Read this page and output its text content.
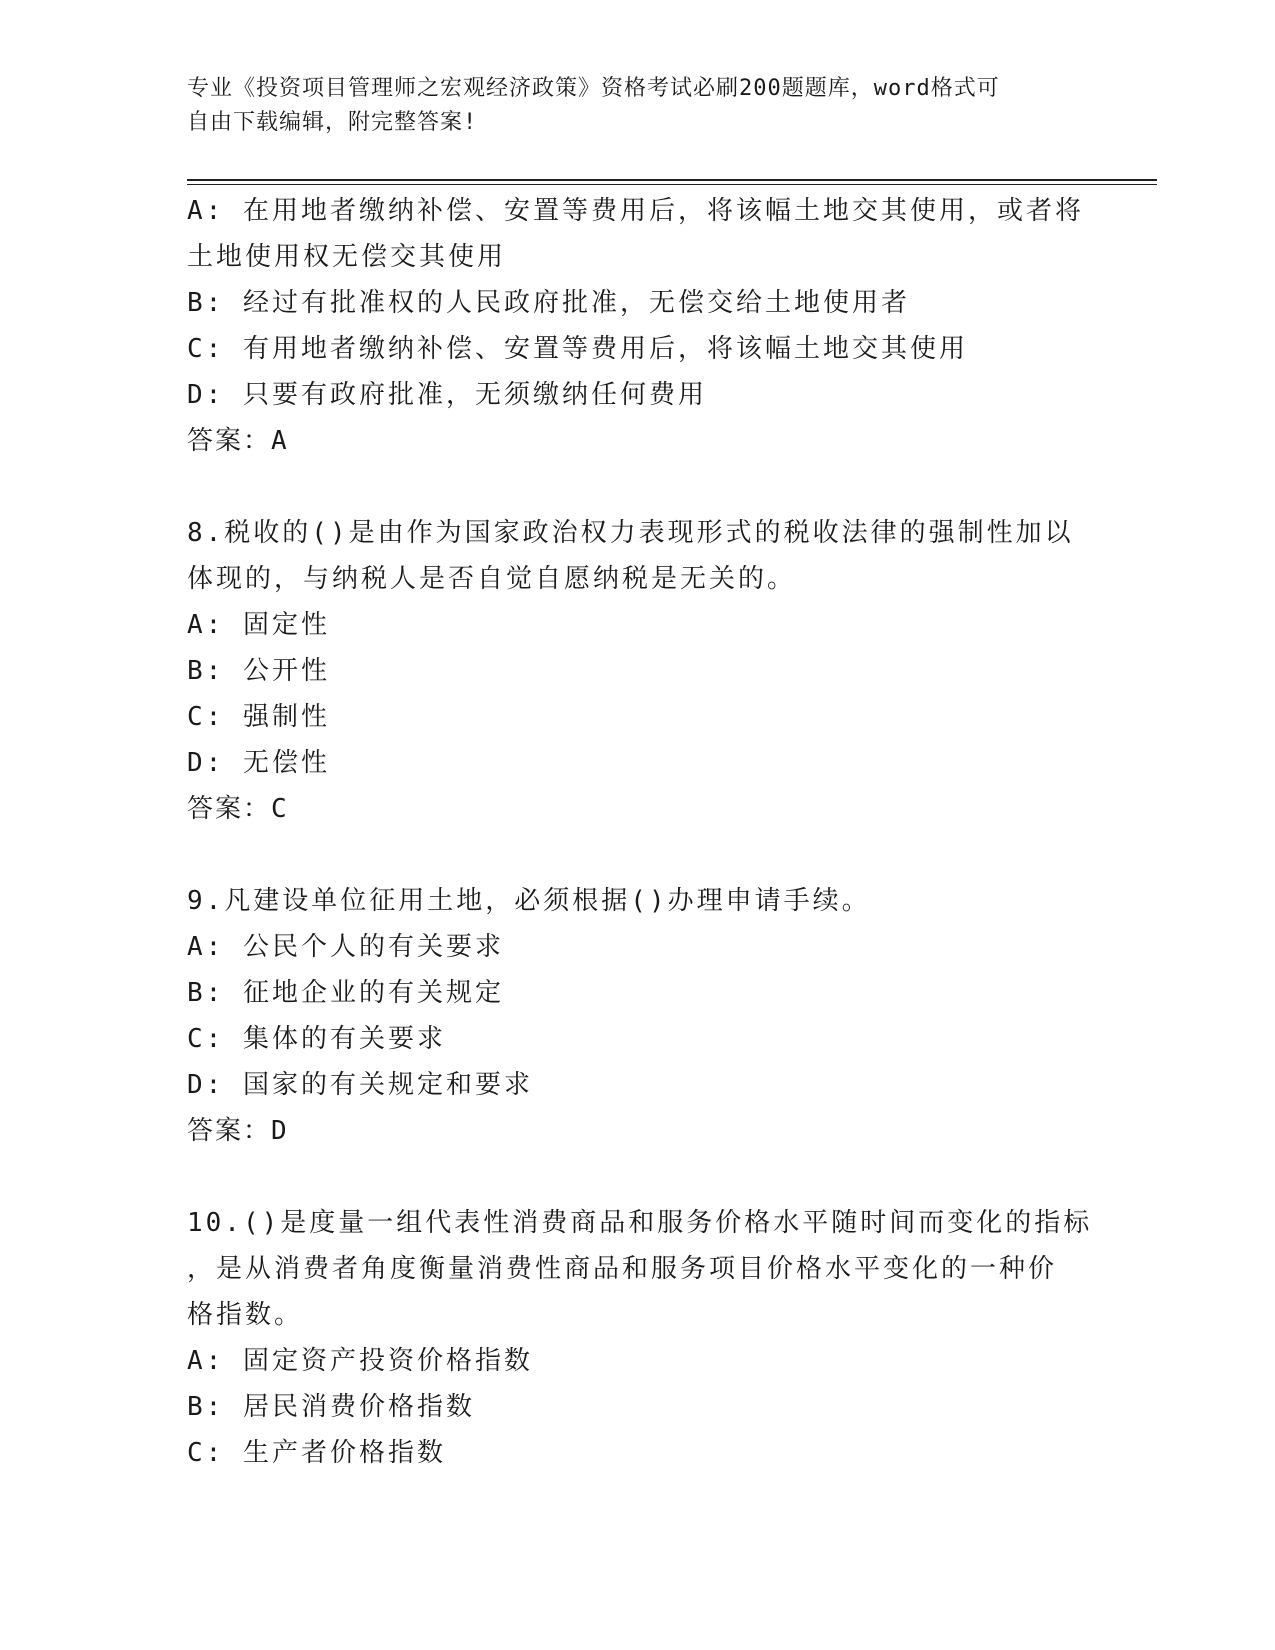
专业《投资项目管理师之宏观经济政策》资格考试必刷200题题库，word格式可
自由下载编辑，附完整答案!
A: 在用地者缴纳补偿、安置等费用后，将该幅土地交其使用，或者将
土地使用权无偿交其使用
B: 经过有批准权的人民政府批准，无偿交给土地使用者
C: 有用地者缴纳补偿、安置等费用后，将该幅土地交其使用
D: 只要有政府批准，无须缴纳任何费用
答案：A
8.税收的()是由作为国家政治权力表现形式的税收法律的强制性加以
体现的，与纳税人是否自觉自愿纳税是无关的。
A: 固定性
B: 公开性
C: 强制性
D: 无偿性
答案：C
9.凡建设单位征用土地，必须根据()办理申请手续。
A: 公民个人的有关要求
B: 征地企业的有关规定
C: 集体的有关要求
D: 国家的有关规定和要求
答案：D
10.()是度量一组代表性消费商品和服务价格水平随时间而变化的指标
，是从消费者角度衡量消费性商品和服务项目价格水平变化的一种价
格指数。
A: 固定资产投资价格指数
B: 居民消费价格指数
C: 生产者价格指数
